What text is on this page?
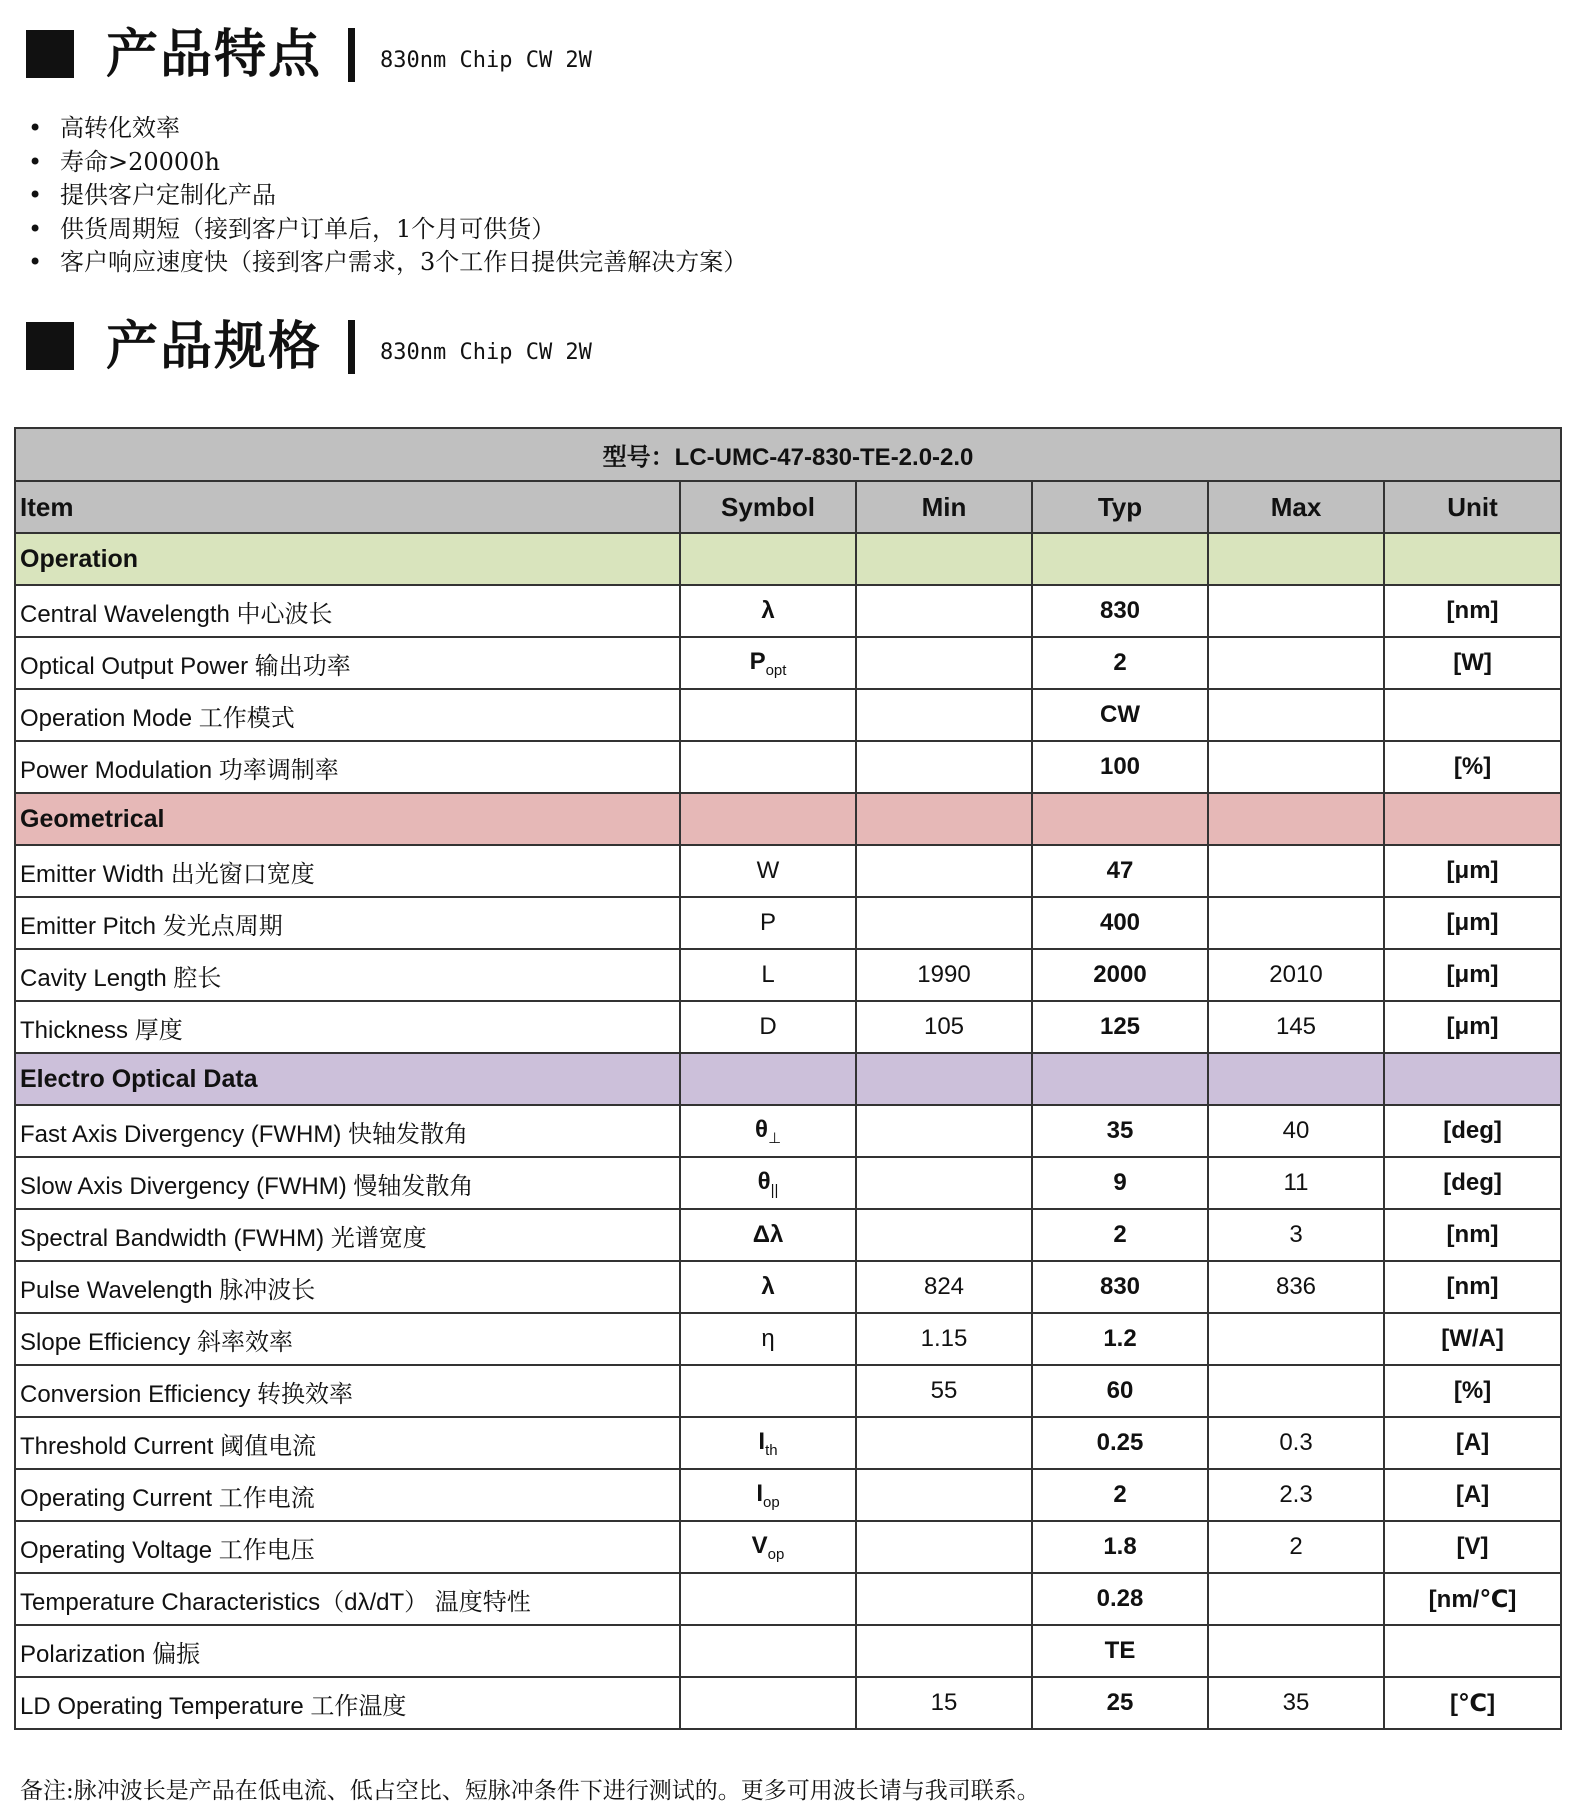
产品特点	830nm Chip CW 2W
• 高转化效率
• 寿命>20000h
• 提供客户定制化产品
• 供货周期短（接到客户订单后，1个月可供货）
• 客户响应速度快（接到客户需求，3个工作日提供完善解决方案）
产品规格	830nm Chip CW 2W
型号：LC-UMC-47-830-TE-2.0-2.0					
Item	Symbol	Min	Typ	Max	Unit
Operation					
Central Wavelength 中心波长	λ		830		[nm]
Optical Output Power 输出功率	$P_{opt}$		2		[W]
Operation Mode 工作模式			CW		
Power Modulation 功率调制率			100		[%]
Geometrical					
Emitter Width 出光窗口宽度	W		47		[μm]
Emitter Pitch 发光点周期	P		400		[μm]
Cavity Length 腔长	L	1990	2000	2010	[μm]
Thickness 厚度	D	105	125	145	[μm]
Electro Optical Data					
Fast Axis Divergency (FWHM) 快轴发散角	$\theta_\perp$		35	40	[deg]
Slow Axis Divergency (FWHM) 慢轴发散角	$\theta_{||}$		9	11	[deg]
Spectral Bandwidth (FWHM) 光谱宽度	Δλ		2	3	[nm]
Pulse Wavelength 脉冲波长	λ	824	830	836	[nm]
Slope Efficiency 斜率效率	η	1.15	1.2		[W/A]
Conversion Efficiency 转换效率		55	60		[%]
Threshold Current 阈值电流	$I_{th}$		0.25	0.3	[A]
Operating Current 工作电流	$I_{op}$		2	2.3	[A]
Operating Voltage 工作电压	$V_{op}$		1.8	2	[V]
Temperature Characteristics（dλ/dT） 温度特性			0.28		[nm/℃]
Polarization 偏振			TE		
LD Operating Temperature 工作温度		15	25	35	[℃]
备注:脉冲波长是产品在低电流、低占空比、短脉冲条件下进行测试的。更多可用波长请与我司联系。
